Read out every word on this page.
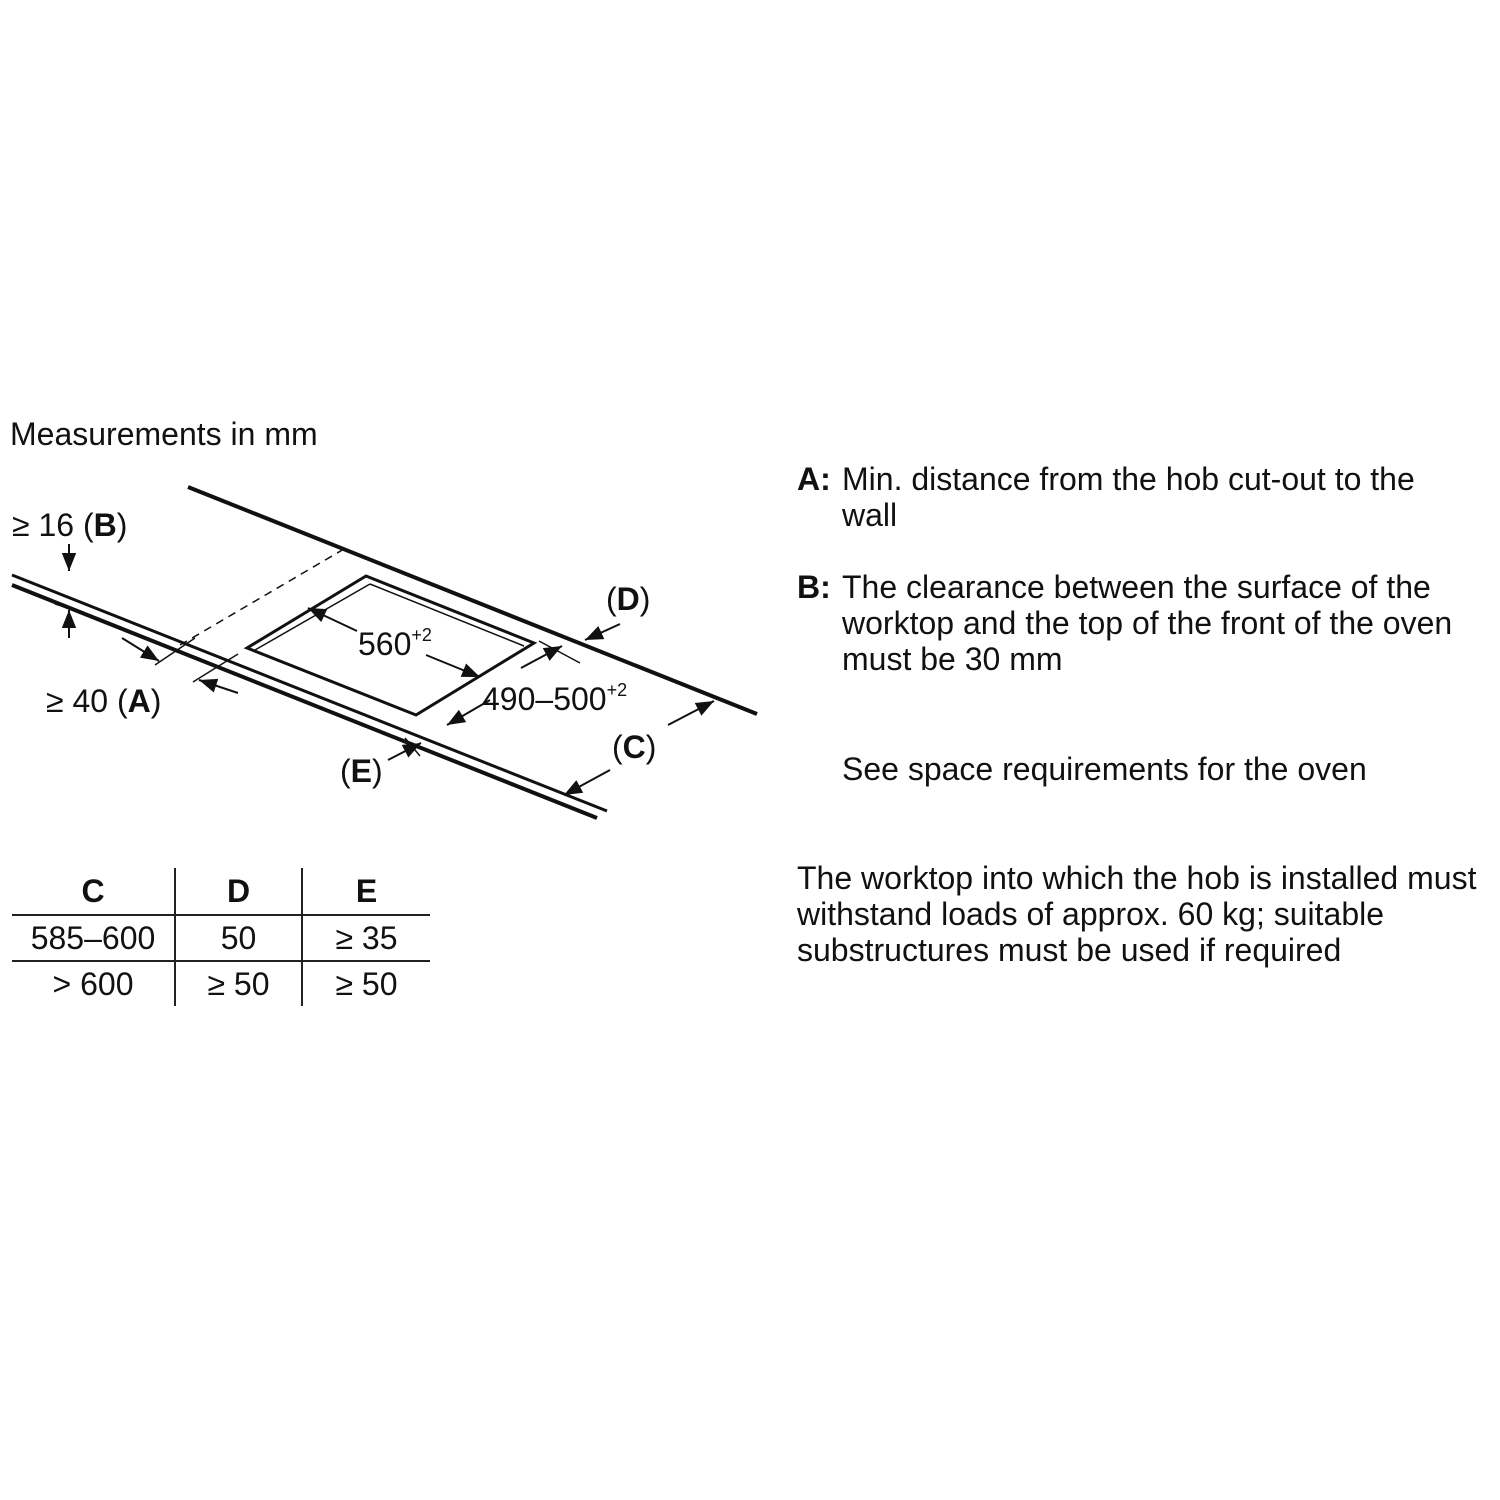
Measurements in mm

≥ 16 (B)
≥ 40 (A)
$560^{+2}$
$490-500^{+2}$
(D)
(C)
(E)
C	D	E
585–600	50	≥ 35
> 600	≥ 50	≥ 50
A: Min. distance from the hob cut-out to the wall
B: The clearance between the surface of the worktop and the top of the front of the oven must be 30 mm

See space requirements for the oven

The worktop into which the hob is installed must withstand loads of approx. 60 kg; suitable substructures must be used if required
